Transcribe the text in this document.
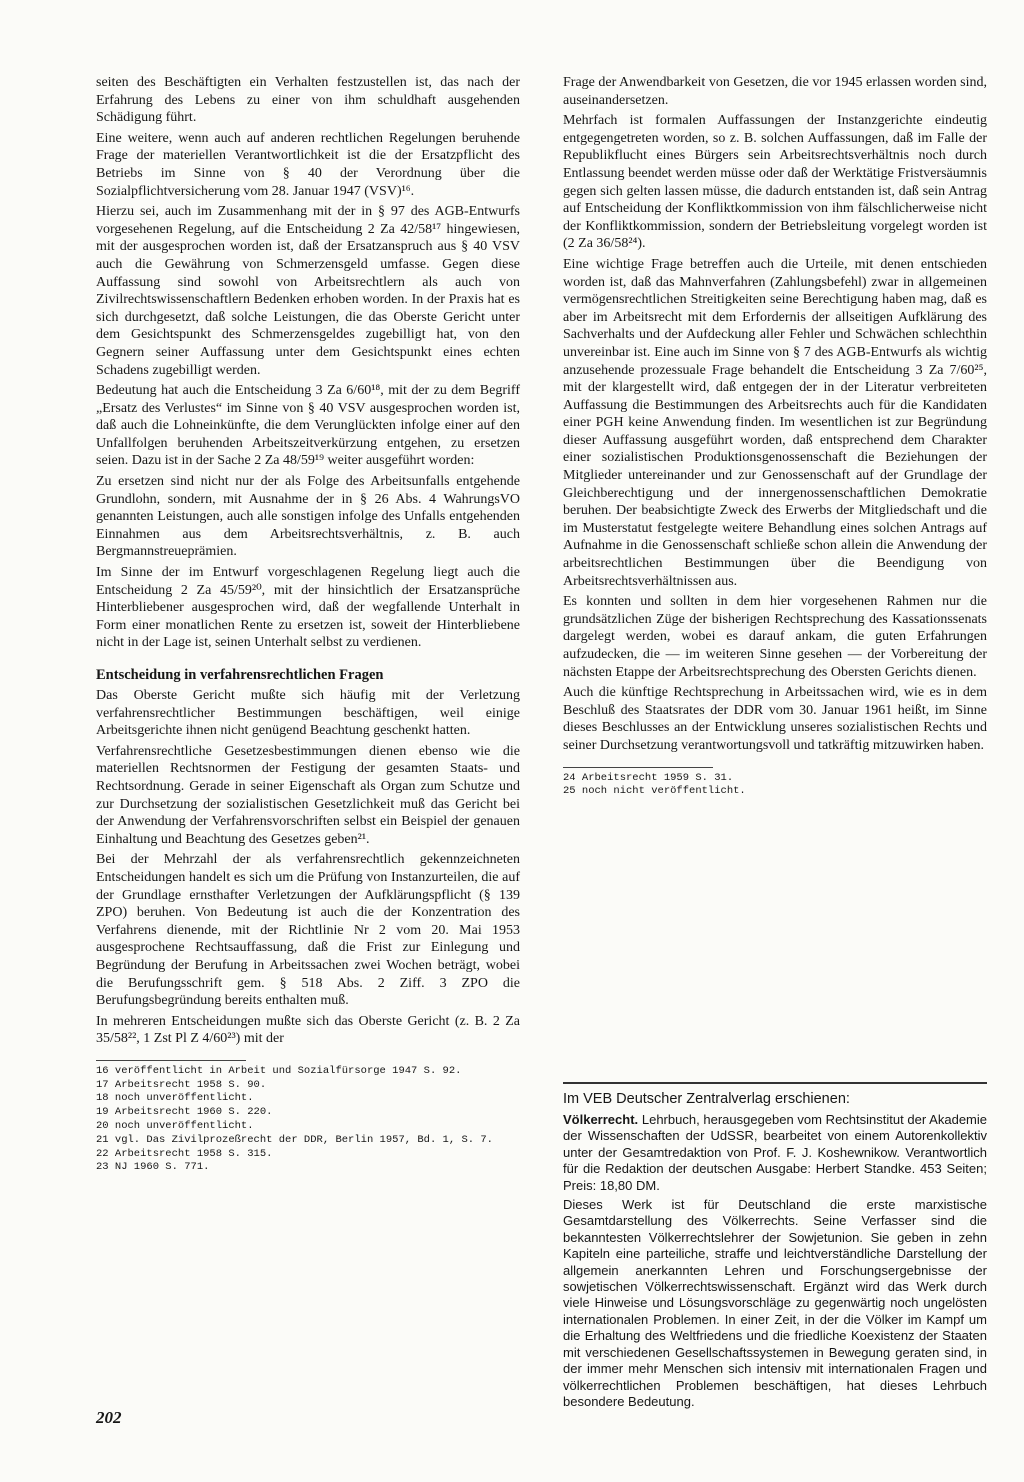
seiten des Beschäftigten ein Verhalten festzustellen ist, das nach der Erfahrung des Lebens zu einer von ihm schuldhaft ausgehenden Schädigung führt.

Eine weitere, wenn auch auf anderen rechtlichen Regelungen beruhende Frage der materiellen Verantwortlichkeit ist die der Ersatzpflicht des Betriebs im Sinne von § 40 der Verordnung über die Sozialpflichtversicherung vom 28. Januar 1947 (VSV)¹⁶.

Hierzu sei, auch im Zusammenhang mit der in § 97 des AGB-Entwurfs vorgesehenen Regelung, auf die Entscheidung 2 Za 42/58¹⁷ hingewiesen, mit der ausgesprochen worden ist, daß der Ersatzanspruch aus § 40 VSV auch die Gewährung von Schmerzensgeld umfasse. Gegen diese Auffassung sind sowohl von Arbeitsrechtlern als auch von Zivilrechtswissenschaftlern Bedenken erhoben worden. In der Praxis hat es sich durchgesetzt, daß solche Leistungen, die das Oberste Gericht unter dem Gesichtspunkt des Schmerzensgeldes zugebilligt hat, von den Gegnern seiner Auffassung unter dem Gesichtspunkt eines echten Schadens zugebilligt werden.

Bedeutung hat auch die Entscheidung 3 Za 6/60¹⁸, mit der zu dem Begriff „Ersatz des Verlustes“ im Sinne von § 40 VSV ausgesprochen worden ist, daß auch die Lohneinkünfte, die dem Verunglückten infolge einer auf den Unfallfolgen beruhenden Arbeitszeitverkürzung entgehen, zu ersetzen seien. Dazu ist in der Sache 2 Za 48/59¹⁹ weiter ausgeführt worden:

Zu ersetzen sind nicht nur der als Folge des Arbeitsunfalls entgehende Grundlohn, sondern, mit Ausnahme der in § 26 Abs. 4 WahrungsVO genannten Leistungen, auch alle sonstigen infolge des Unfalls entgehenden Einnahmen aus dem Arbeitsrechtsverhältnis, z. B. auch Bergmannstreueprämien.

Im Sinne der im Entwurf vorgeschlagenen Regelung liegt auch die Entscheidung 2 Za 45/59²⁰, mit der hinsichtlich der Ersatzansprüche Hinterbliebener ausgesprochen wird, daß der wegfallende Unterhalt in Form einer monatlichen Rente zu ersetzen ist, soweit der Hinterbliebene nicht in der Lage ist, seinen Unterhalt selbst zu verdienen.

Entscheidung in verfahrensrechtlichen Fragen

Das Oberste Gericht mußte sich häufig mit der Verletzung verfahrensrechtlicher Bestimmungen beschäftigen, weil einige Arbeitsgerichte ihnen nicht genügend Beachtung geschenkt hatten.

Verfahrensrechtliche Gesetzesbestimmungen dienen ebenso wie die materiellen Rechtsnormen der Festigung der gesamten Staats- und Rechtsordnung. Gerade in seiner Eigenschaft als Organ zum Schutze und zur Durchsetzung der sozialistischen Gesetzlichkeit muß das Gericht bei der Anwendung der Verfahrensvorschriften selbst ein Beispiel der genauen Einhaltung und Beachtung des Gesetzes geben²¹.

Bei der Mehrzahl der als verfahrensrechtlich gekennzeichneten Entscheidungen handelt es sich um die Prüfung von Instanzurteilen, die auf der Grundlage ernsthafter Verletzungen der Aufklärungspflicht (§ 139 ZPO) beruhen. Von Bedeutung ist auch die der Konzentration des Verfahrens dienende, mit der Richtlinie Nr 2 vom 20. Mai 1953 ausgesprochene Rechtsauffassung, daß die Frist zur Einlegung und Begründung der Berufung in Arbeitssachen zwei Wochen beträgt, wobei die Berufungsschrift gem. § 518 Abs. 2 Ziff. 3 ZPO die Berufungsbegründung bereits enthalten muß.

In mehreren Entscheidungen mußte sich das Oberste Gericht (z. B. 2 Za 35/58²², 1 Zst Pl Z 4/60²³) mit der

16 veröffentlicht in Arbeit und Sozialfürsorge 1947 S. 92.

17 Arbeitsrecht 1958 S. 90.

18 noch unveröffentlicht.

19 Arbeitsrecht 1960 S. 220.

20 noch unveröffentlicht.

21 vgl. Das Zivilprozeßrecht der DDR, Berlin 1957, Bd. 1, S. 7.

22 Arbeitsrecht 1958 S. 315.

23 NJ 1960 S. 771.

Frage der Anwendbarkeit von Gesetzen, die vor 1945 erlassen worden sind, auseinandersetzen.

Mehrfach ist formalen Auffassungen der Instanzgerichte eindeutig entgegengetreten worden, so z. B. solchen Auffassungen, daß im Falle der Republikflucht eines Bürgers sein Arbeitsrechtsverhältnis noch durch Entlassung beendet werden müsse oder daß der Werktätige Fristversäumnis gegen sich gelten lassen müsse, die dadurch entstanden ist, daß sein Antrag auf Entscheidung der Konfliktkommission von ihm fälschlicherweise nicht der Konfliktkommission, sondern der Betriebsleitung vorgelegt worden ist (2 Za 36/58²⁴).

Eine wichtige Frage betreffen auch die Urteile, mit denen entschieden worden ist, daß das Mahnverfahren (Zahlungsbefehl) zwar in allgemeinen vermögensrechtlichen Streitigkeiten seine Berechtigung haben mag, daß es aber im Arbeitsrecht mit dem Erfordernis der allseitigen Aufklärung des Sachverhalts und der Aufdeckung aller Fehler und Schwächen schlechthin unvereinbar ist. Eine auch im Sinne von § 7 des AGB-Entwurfs als wichtig anzusehende prozessuale Frage behandelt die Entscheidung 3 Za 7/60²⁵, mit der klargestellt wird, daß entgegen der in der Literatur verbreiteten Auffassung die Bestimmungen des Arbeitsrechts auch für die Kandidaten einer PGH keine Anwendung finden. Im wesentlichen ist zur Begründung dieser Auffassung ausgeführt worden, daß entsprechend dem Charakter einer sozialistischen Produktionsgenossenschaft die Beziehungen der Mitglieder untereinander und zur Genossenschaft auf der Grundlage der Gleichberechtigung und der innergenossenschaftlichen Demokratie beruhen. Der beabsichtigte Zweck des Erwerbs der Mitgliedschaft und die im Musterstatut festgelegte weitere Behandlung eines solchen Antrags auf Aufnahme in die Genossenschaft schließe schon allein die Anwendung der arbeitsrechtlichen Bestimmungen über die Beendigung von Arbeitsrechtsverhältnissen aus.

Es konnten und sollten in dem hier vorgesehenen Rahmen nur die grundsätzlichen Züge der bisherigen Rechtsprechung des Kassationssenats dargelegt werden, wobei es darauf ankam, die guten Erfahrungen aufzudecken, die — im weiteren Sinne gesehen — der Vorbereitung der nächsten Etappe der Arbeitsrechtsprechung des Obersten Gerichts dienen.

Auch die künftige Rechtsprechung in Arbeitssachen wird, wie es in dem Beschluß des Staatsrates der DDR vom 30. Januar 1961 heißt, im Sinne dieses Beschlusses an der Entwicklung unseres sozialistischen Rechts und seiner Durchsetzung verantwortungsvoll und tatkräftig mitzuwirken haben.

24 Arbeitsrecht 1959 S. 31.

25 noch nicht veröffentlicht.

Im VEB Deutscher Zentralverlag erschienen:

Völkerrecht. Lehrbuch, herausgegeben vom Rechtsinstitut der Akademie der Wissenschaften der UdSSR, bearbeitet von einem Autorenkollektiv unter der Gesamtredaktion von Prof. F. J. Koshewnikow. Verantwortlich für die Redaktion der deutschen Ausgabe: Herbert Standke. 453 Seiten; Preis: 18,80 DM.

Dieses Werk ist für Deutschland die erste marxistische Gesamtdarstellung des Völkerrechts. Seine Verfasser sind die bekanntesten Völkerrechtslehrer der Sowjetunion. Sie geben in zehn Kapiteln eine parteiliche, straffe und leichtverständliche Darstellung der allgemein anerkannten Lehren und Forschungsergebnisse der sowjetischen Völkerrechtswissenschaft. Ergänzt wird das Werk durch viele Hinweise und Lösungsvorschläge zu gegenwärtig noch ungelösten internationalen Problemen. In einer Zeit, in der die Völker im Kampf um die Erhaltung des Weltfriedens und die friedliche Koexistenz der Staaten mit verschiedenen Gesellschaftssystemen in Bewegung geraten sind, in der immer mehr Menschen sich intensiv mit internationalen Fragen und völkerrechtlichen Problemen beschäftigen, hat dieses Lehrbuch besondere Bedeutung.

202
